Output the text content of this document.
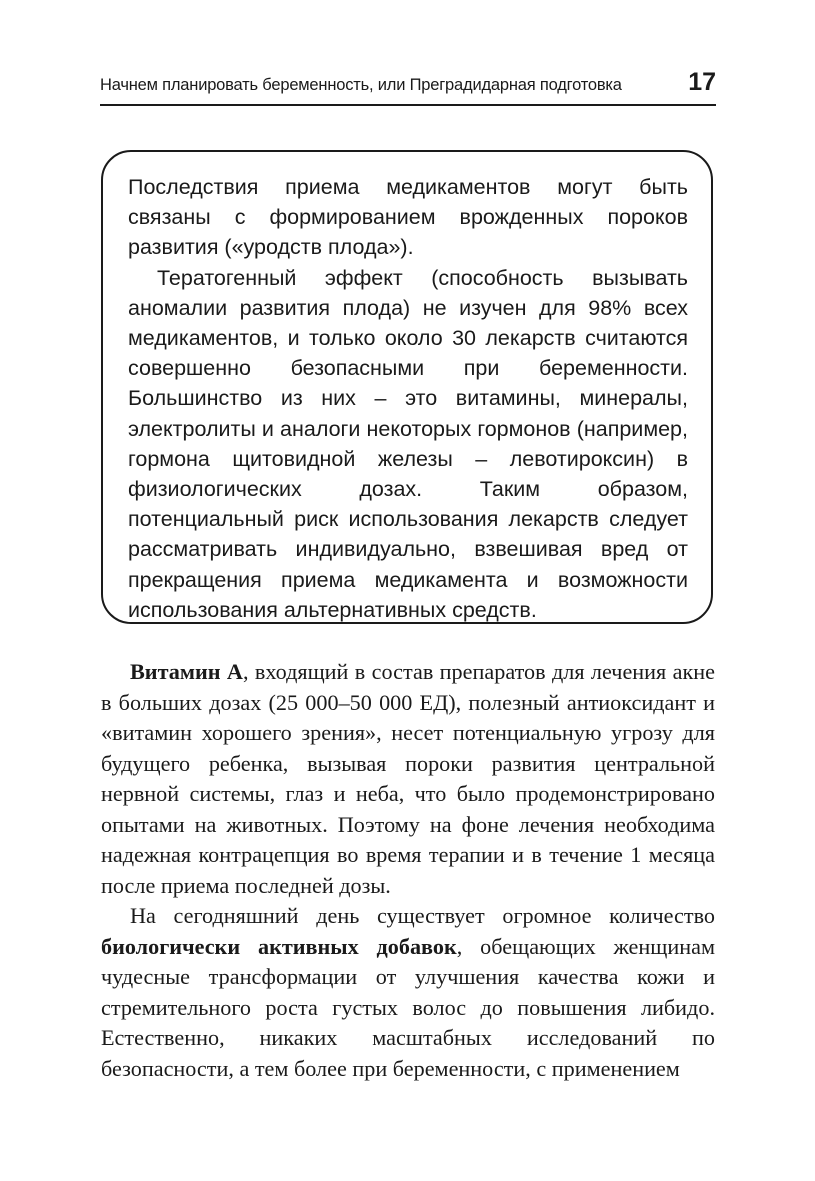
Начнем планировать беременность, или Преградидарная подготовка	17

Последствия приема медикаментов могут быть связаны с формированием врожденных пороков развития («уродств плода»).

Тератогенный эффект (способность вызывать аномалии развития плода) не изучен для 98% всех медикаментов, и только около 30 лекарств считаются совершенно безопасными при беременности. Большинство из них – это витамины, минералы, электролиты и аналоги некоторых гормонов (например, гормона щитовидной железы – левотироксин) в физиологических дозах. Таким образом, потенциальный риск использования лекарств следует рассматривать индивидуально, взвешивая вред от прекращения приема медикамента и возможности использования альтернативных средств.

Витамин А, входящий в состав препаратов для лечения акне в больших дозах (25 000–50 000 ЕД), полезный антиоксидант и «витамин хорошего зрения», несет потенциальную угрозу для будущего ребенка, вызывая пороки развития центральной нервной системы, глаз и неба, что было продемонстрировано опытами на животных. Поэтому на фоне лечения необходима надежная контрацепция во время терапии и в течение 1 месяца после приема последней дозы.

На сегодняшний день существует огромное количество биологически активных добавок, обещающих женщинам чудесные трансформации от улучшения качества кожи и стремительного роста густых волос до повышения либидо. Естественно, никаких масштабных исследований по безопасности, а тем более при беременности, с применением
